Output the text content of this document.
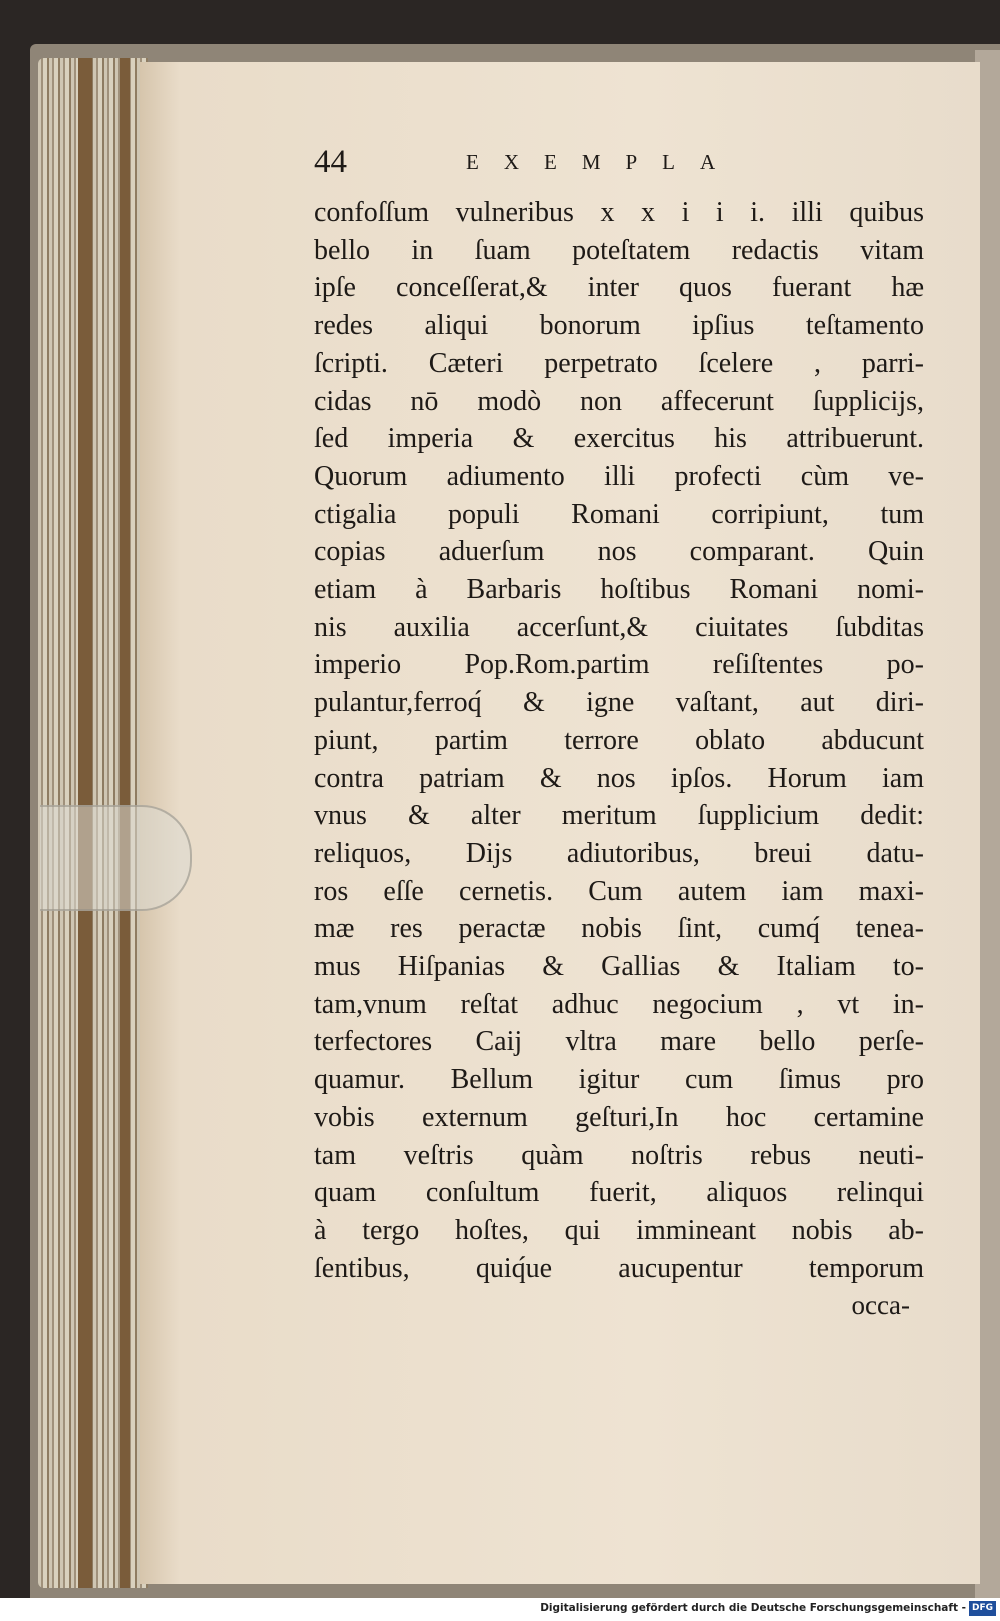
44	EXEMPLA
confoſſum vulneribus x x i i i. illi quibus
bello in ſuam poteſtatem redactis vitam
ipſe conceſſerat,& inter quos fuerant hæ
redes aliqui bonorum ipſius teſtamento
ſcripti. Cæteri perpetrato ſcelere , parri-
cidas nō modò non affecerunt ſupplicijs,
ſed imperia & exercitus his attribuerunt.
Quorum adiumento illi profecti cùm ve-
ctigalia populi Romani corripiunt, tum
copias aduerſum nos comparant. Quin
etiam à Barbaris hoſtibus Romani nomi-
nis auxilia accerſunt,& ciuitates ſubditas
imperio Pop.Rom.partim reſiſtentes po-
pulantur,ferroq́ & igne vaſtant, aut diri-
piunt, partim terrore oblato abducunt
contra patriam & nos ipſos. Horum iam
vnus & alter meritum ſupplicium dedit:
reliquos, Dijs adiutoribus, breui datu-
ros eſſe cernetis. Cum autem iam maxi-
mæ res peractæ nobis ſint, cumq́ tenea-
mus Hiſpanias & Gallias & Italiam to-
tam,vnum reſtat adhuc negocium , vt in-
terfectores Caij vltra mare bello perſe-
quamur. Bellum igitur cum ſimus pro
vobis externum geſturi,In hoc certamine
tam veſtris quàm noſtris rebus neuti-
quam conſultum fuerit, aliquos relinqui
à tergo hoſtes, qui immineant nobis ab-
ſentibus, quiq́ue aucupentur temporum
occa-
Digitalisierung gefördert durch die Deutsche Forschungsgemeinschaft - DFG
